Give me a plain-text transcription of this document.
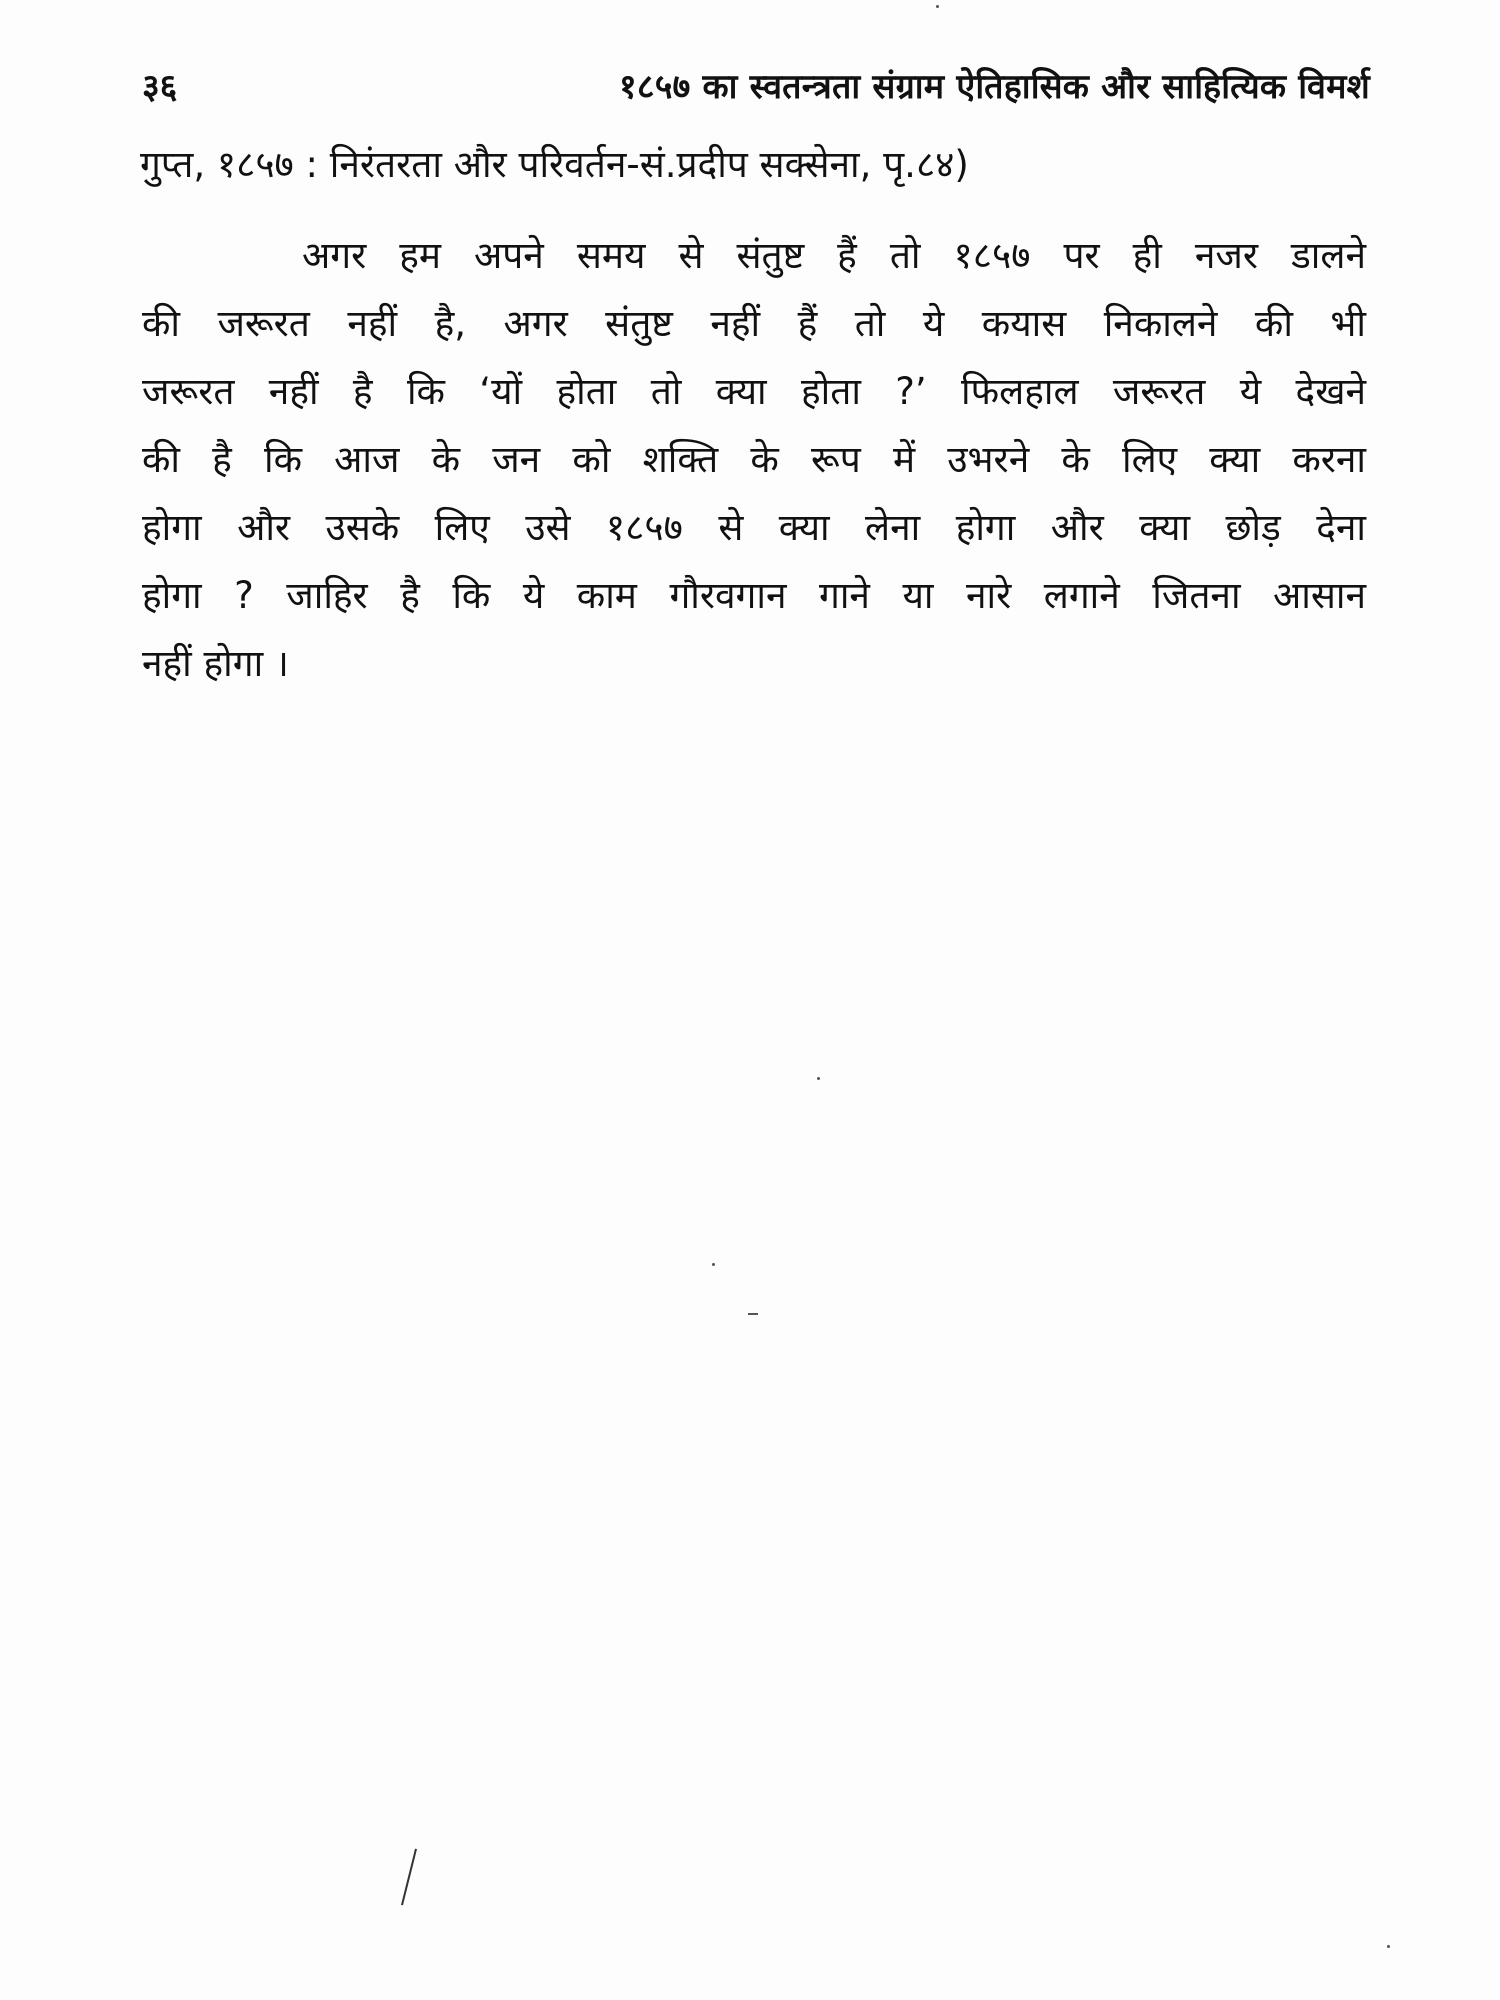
३६	१८५७ का स्वतन्त्रता संग्राम ऐतिहासिक और साहित्यिक विमर्श
गुप्त, १८५७ : निरंतरता और परिवर्तन-सं.प्रदीप सक्सेना, पृ.८४)
अगर हम अपने समय से संतुष्ट हैं तो १८५७ पर ही नजर डालने
की जरूरत नहीं है, अगर संतुष्ट नहीं हैं तो ये कयास निकालने की भी
जरूरत नहीं है कि ‘यों होता तो क्या होता ?’ फिलहाल जरूरत ये देखने
की है कि आज के जन को शक्ति के रूप में उभरने के लिए क्या करना
होगा और उसके लिए उसे १८५७ से क्या लेना होगा और क्या छोड़ देना
होगा ? जाहिर है कि ये काम गौरवगान गाने या नारे लगाने जितना आसान
नहीं होगा ।
